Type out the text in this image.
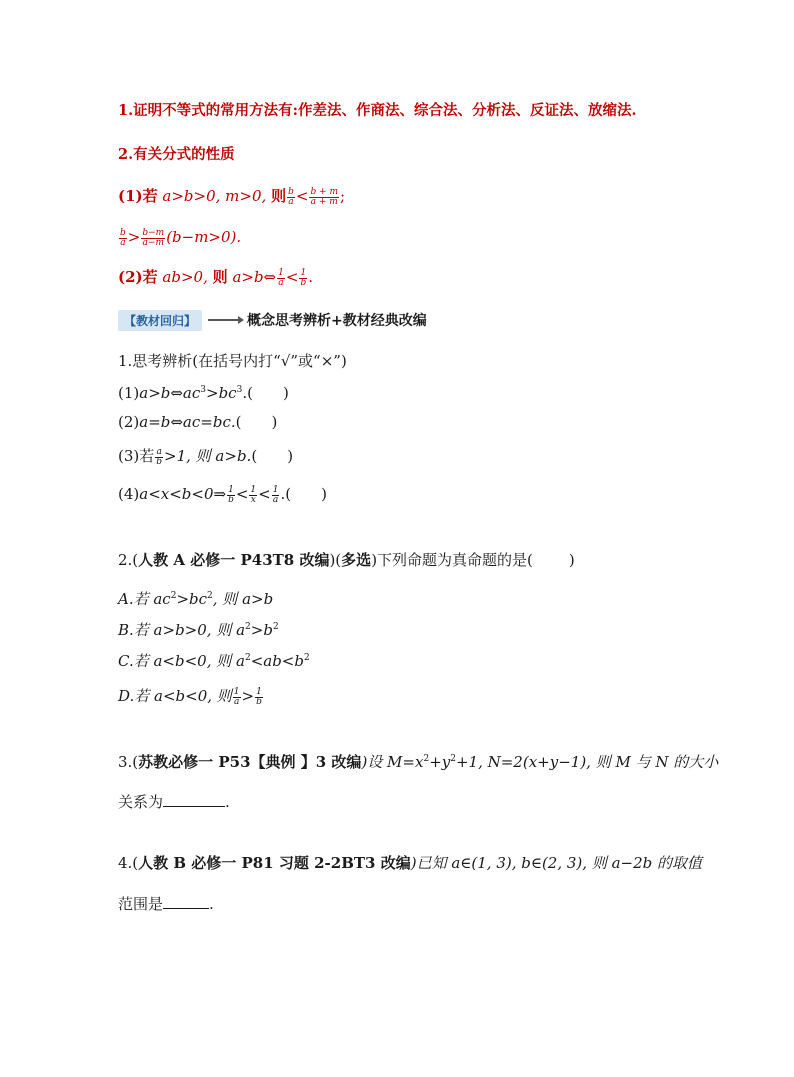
1.证明不等式的常用方法有:作差法、作商法、综合法、分析法、反证法、放缩法.
2.有关分式的性质
(1)若 a>b>0, m>0, 则 $\frac{b}{a} < \frac{b + m}{a + m}$ ;
$\frac{b}{a} > \frac{b-m}{a-m} (b-m>0)$.
(2)若 ab>0, 则 a>b⇔ $\frac{1}{a} < \frac{1}{b}$ .
【教材回归】	概念思考辨析+教材经典改编
1.思考辨析(在括号内打“√”或“×”)
$(1)a>b\Leftrightarrow ac^3>bc^3$.( )
(2)a=b⇔ac=bc.( )
(3)若 $\frac{a}{b} >1$, 则 a>b.( )
(4)a<x<b<0⇒ $\frac{1}{b} < \frac{1}{x} < \frac{1}{a}$ .( )
2.(人教 A 必修一 P43T8 改编)(多选)下列命题为真命题的是( )
A.若 $ac^2>bc^2$, 则 a>b
B.若 a>b>0, 则 $a^2>b^2$
C.若 a<b<0, 则 $a^2<ab<b^2$
D.若 a<b<0, 则 $\frac{1}{a} > \frac{1}{b}$
3.(苏教必修一 P53【典例 】3 改编)设 $M=x^2+y^2+1$, N=2(x+y−1), 则 M 与 N 的大小
关系为	.
4.(人教 B 必修一 P81 习题 2-2BT3 改编)已知 a∈(1, 3), b∈(2, 3), 则 a−2b 的取值
范围是	.
